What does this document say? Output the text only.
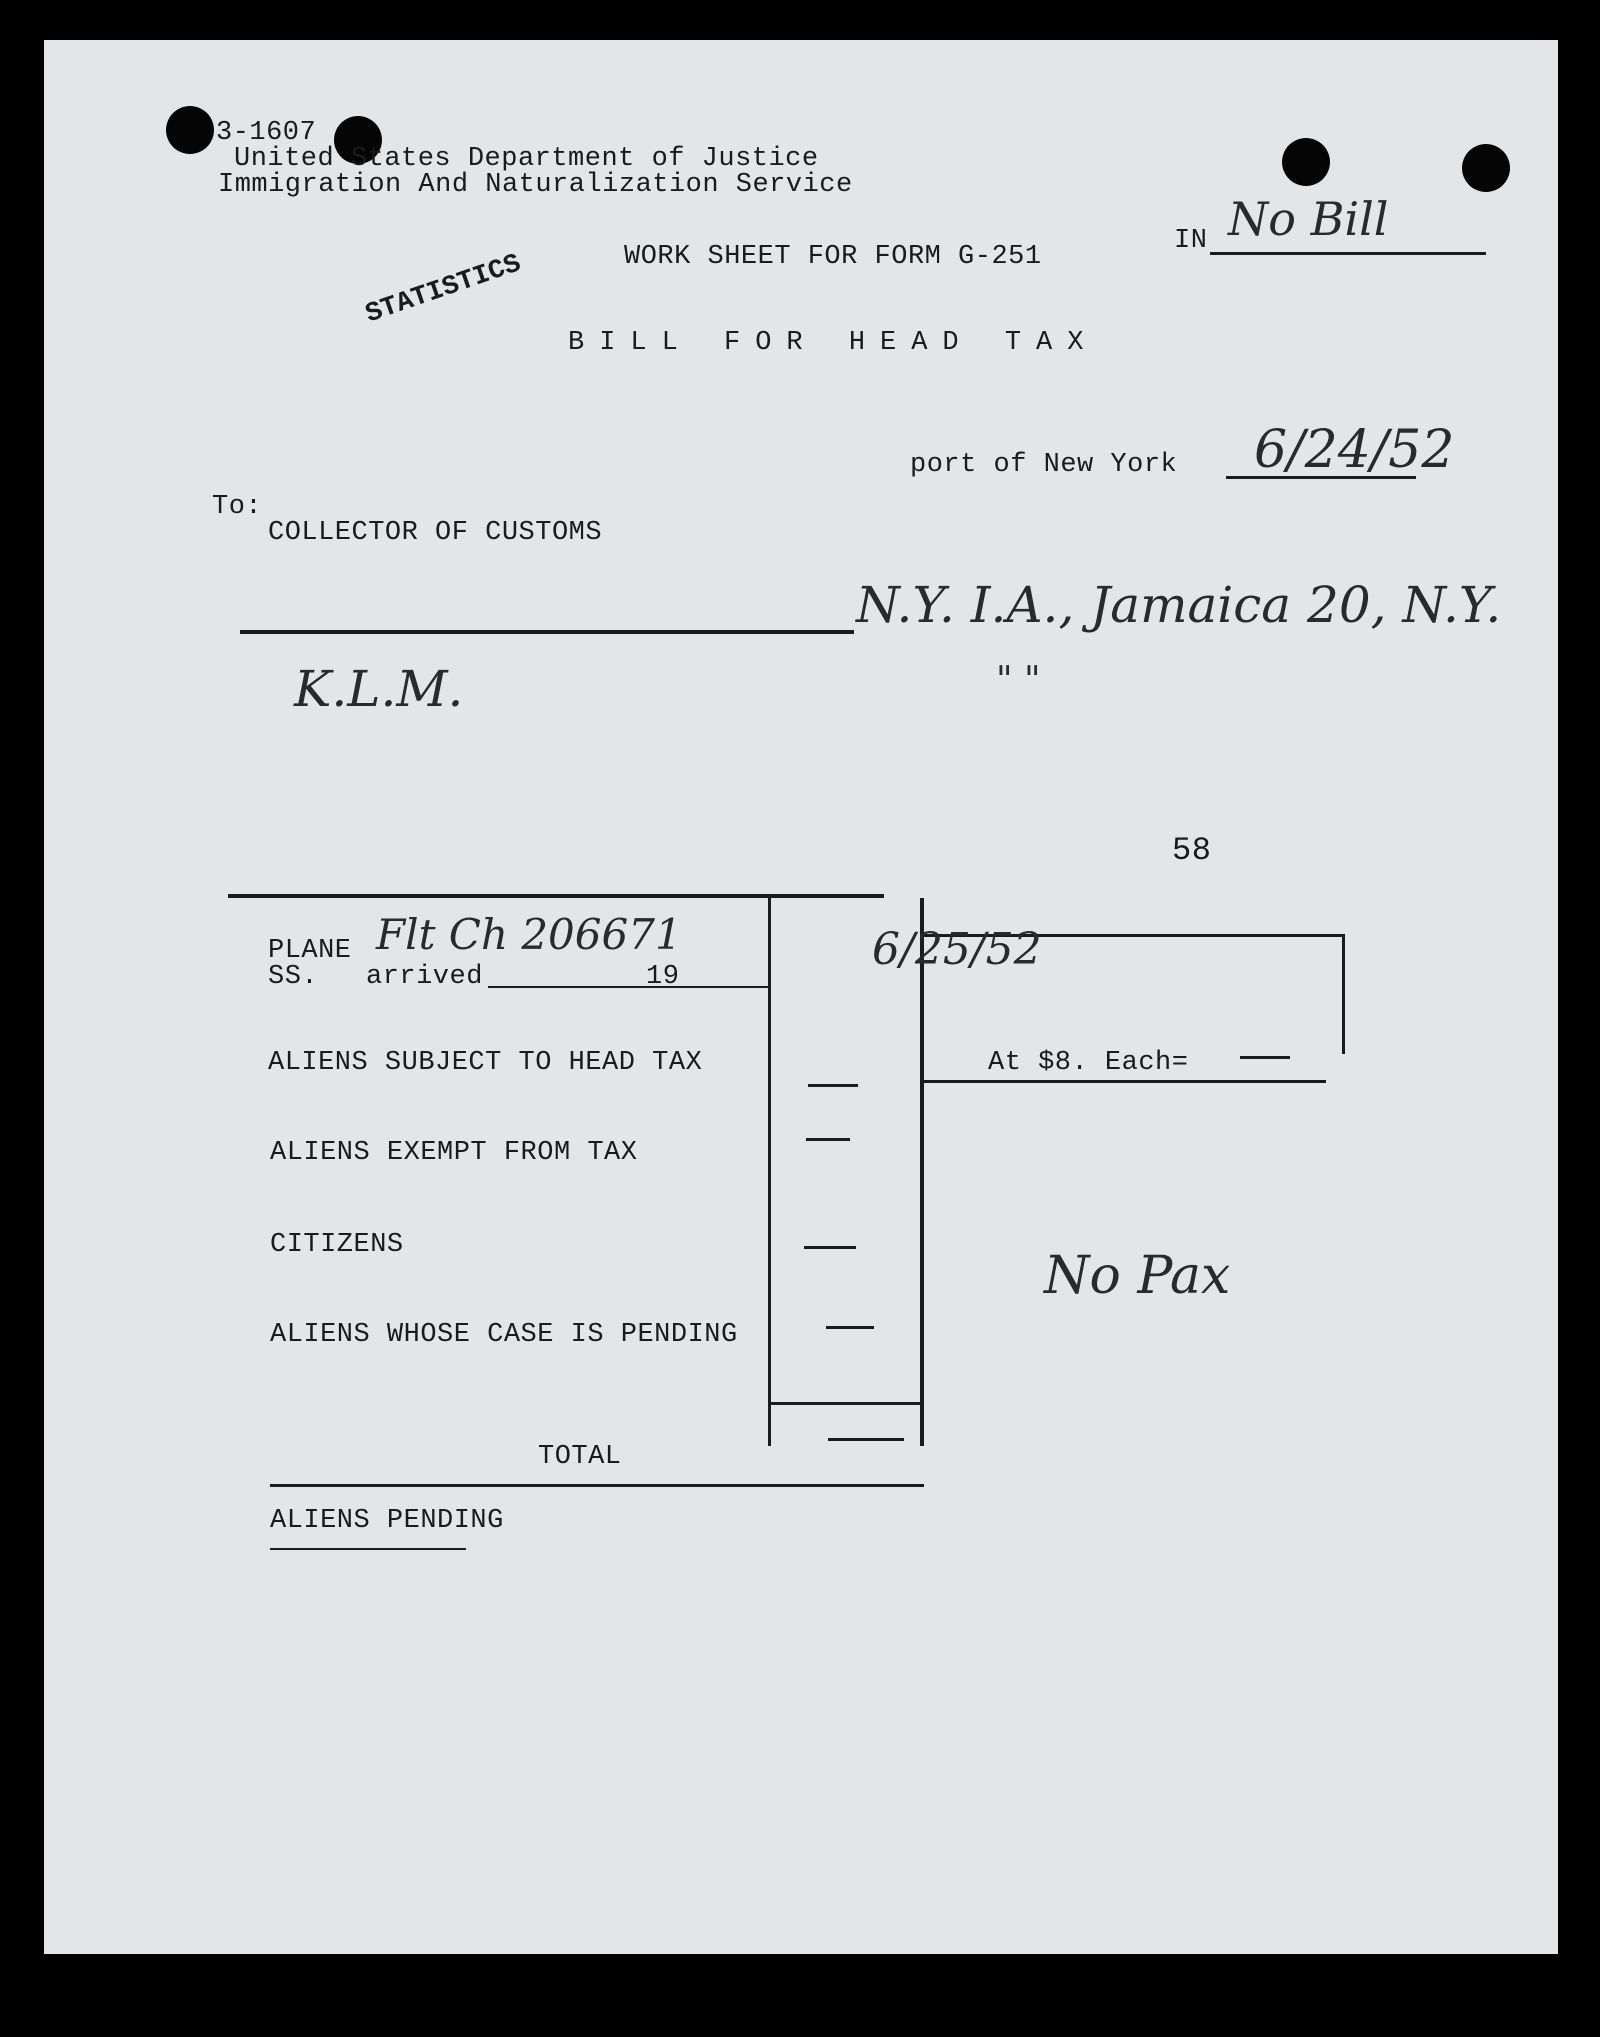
3-1607
United States Department of Justice
Immigration And Naturalization Service
WORK SHEET FOR FORM G-251
IN No Bill
STATISTICS
BILL FOR HEAD TAX
port of New York 6/24/52
To:
COLLECTOR OF CUSTOMS
N.Y. I.A., Jamaica 20, N.Y.
" "
K.L.M.
58
PLANE
SS. arrived	19
Flt Ch 206671	6/25/52
ALIENS SUBJECT TO HEAD TAX	At $8. Each=
ALIENS EXEMPT FROM TAX
CITIZENS
ALIENS WHOSE CASE IS PENDING
TOTAL
ALIENS PENDING
No Pax
